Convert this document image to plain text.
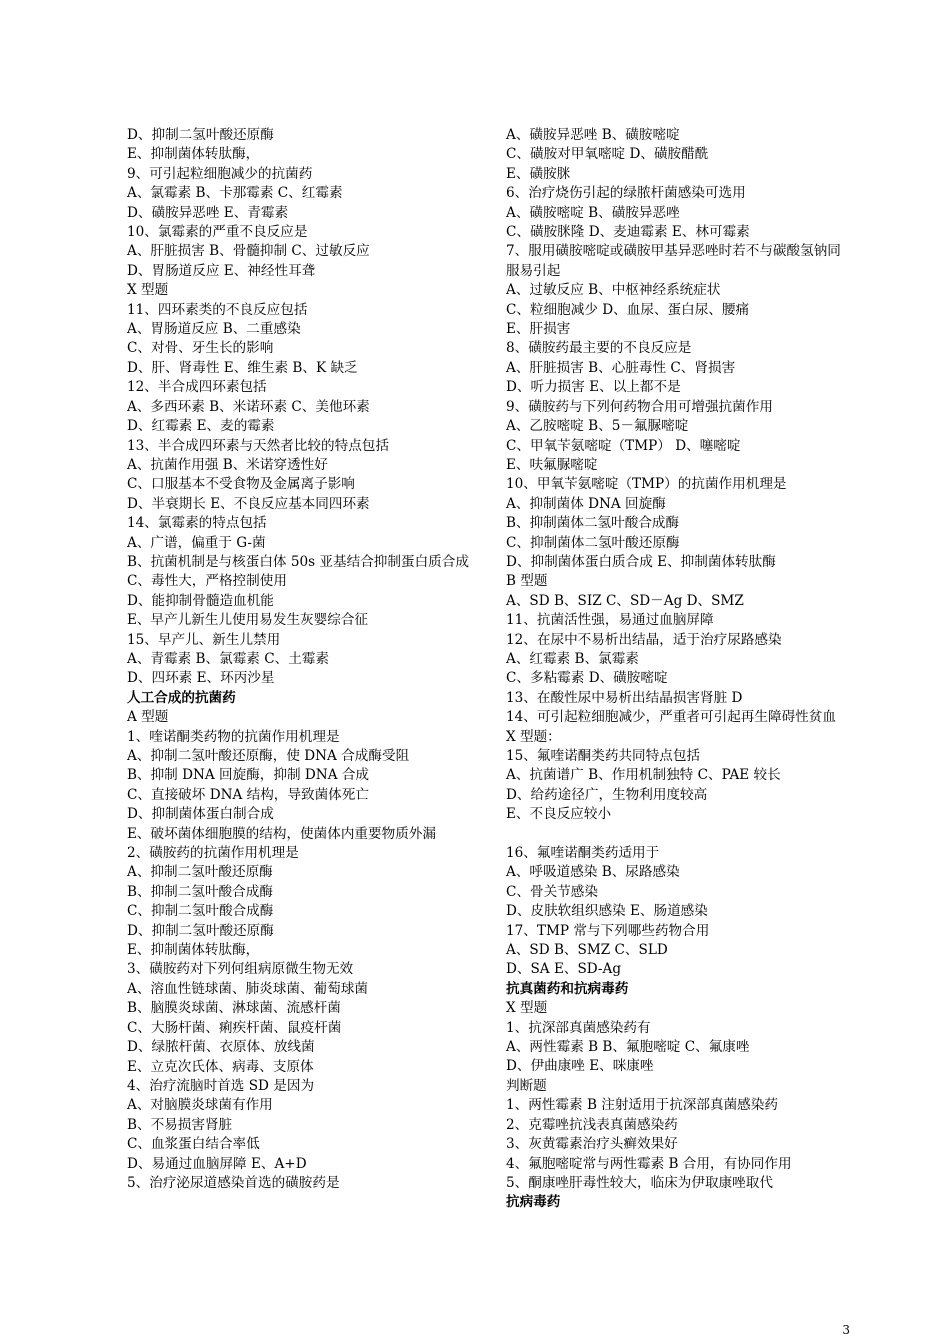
D、抑制二氢叶酸还原酶
E、抑制菌体转肽酶，
9、可引起粒细胞减少的抗菌药
A、氯霉素 B、卡那霉素 C、红霉素
D、磺胺异恶唑 E、青霉素
10、氯霉素的严重不良反应是
A、肝脏损害 B、骨髓抑制 C、过敏反应
D、胃肠道反应 E、神经性耳聋
X 型题
11、四环素类的不良反应包括
A、胃肠道反应 B、二重感染
C、对骨、牙生长的影响
D、肝、肾毒性 E、维生素 B、K 缺乏
12、半合成四环素包括
A、多西环素 B、米诺环素 C、美他环素
D、红霉素 E、麦的霉素
13、半合成四环素与天然者比较的特点包括
A、抗菌作用强 B、米诺穿透性好
C、口服基本不受食物及金属离子影响
D、半衰期长 E、不良反应基本同四环素
14、氯霉素的特点包括
A、广谱，偏重于 G-菌
B、抗菌机制是与核蛋白体 50s 亚基结合抑制蛋白质合成
C、毒性大，严格控制使用
D、能抑制骨髓造血机能
E、早产儿新生儿使用易发生灰婴综合征
15、早产儿、新生儿禁用
A、青霉素 B、氯霉素 C、土霉素
D、四环素 E、环丙沙星
人工合成的抗菌药
A 型题
1、喹诺酮类药物的抗菌作用机理是
A、抑制二氢叶酸还原酶，使 DNA 合成酶受阻
B、抑制 DNA 回旋酶，抑制 DNA 合成
C、直接破坏 DNA 结构，导致菌体死亡
D、抑制菌体蛋白制合成
E、破坏菌体细胞膜的结构，使菌体内重要物质外漏
2、磺胺药的抗菌作用机理是
A、抑制二氢叶酸还原酶
B、抑制二氢叶酸合成酶
C、抑制二氢叶酸合成酶
D、抑制二氢叶酸还原酶
E、抑制菌体转肽酶，
3、磺胺药对下列何组病原微生物无效
A、溶血性链球菌、肺炎球菌、葡萄球菌
B、脑膜炎球菌、淋球菌、流感杆菌
C、大肠杆菌、痢疾杆菌、鼠疫杆菌
D、绿脓杆菌、衣原体、放线菌
E、立克次氏体、病毒、支原体
4、治疗流脑时首选 SD 是因为
A、对脑膜炎球菌有作用
B、不易损害肾脏
C、血浆蛋白结合率低
D、易通过血脑屏障 E、A+D
5、治疗泌尿道感染首选的磺胺药是
A、磺胺异恶唑 B、磺胺嘧啶
C、磺胺对甲氧嘧啶 D、磺胺醋酰
E、磺胺脒
6、治疗烧伤引起的绿脓杆菌感染可选用
A、磺胺嘧啶 B、磺胺异恶唑
C、磺胺脒隆 D、麦迪霉素 E、林可霉素
7、服用磺胺嘧啶或磺胺甲基异恶唑时若不与碳酸氢钠同服易引起
A、过敏反应 B、中枢神经系统症状
C、粒细胞减少 D、血尿、蛋白尿、腰痛
E、肝损害
8、磺胺药最主要的不良反应是
A、肝脏损害 B、心脏毒性 C、肾损害
D、听力损害 E、以上都不是
9、磺胺药与下列何药物合用可增强抗菌作用
A、乙胺嘧啶 B、5－氟脲嘧啶
C、甲氧苄氨嘧啶（TMP） D、噻嘧啶
E、呋氟脲嘧啶
10、甲氧苄氨嘧啶（TMP）的抗菌作用机理是
A、抑制菌体 DNA 回旋酶
B、抑制菌体二氢叶酸合成酶
C、抑制菌体二氢叶酸还原酶
D、抑制菌体蛋白质合成 E、抑制菌体转肽酶
B 型题
A、SD B、SIZ C、SD－Ag D、SMZ
11、抗菌活性强，易通过血脑屏障
12、在尿中不易析出结晶，适于治疗尿路感染
A、红霉素 B、氯霉素
C、多粘霉素 D、磺胺嘧啶
13、在酸性尿中易析出结晶损害肾脏 D
14、可引起粒细胞减少，严重者可引起再生障碍性贫血
X 型题：
15、氟喹诺酮类药共同特点包括
A、抗菌谱广 B、作用机制独特 C、PAE 较长
D、给药途径广，生物利用度较高
E、不良反应较小
16、氟喹诺酮类药适用于
A、呼吸道感染 B、尿路感染
C、骨关节感染
D、皮肤软组织感染 E、肠道感染
17、TMP 常与下列哪些药物合用
A、SD B、SMZ C、SLD
D、SA E、SD-Ag
抗真菌药和抗病毒药
X 型题
1、抗深部真菌感染药有
A、两性霉素 B B、氟胞嘧啶 C、氟康唑
D、伊曲康唑 E、咪康唑
判断题
1、两性霉素 B 注射适用于抗深部真菌感染药
2、克霉唑抗浅表真菌感染药
3、灰黄霉素治疗头癣效果好
4、氟胞嘧啶常与两性霉素 B 合用，有协同作用
5、酮康唑肝毒性较大，临床为伊取康唑取代
抗病毒药
3
